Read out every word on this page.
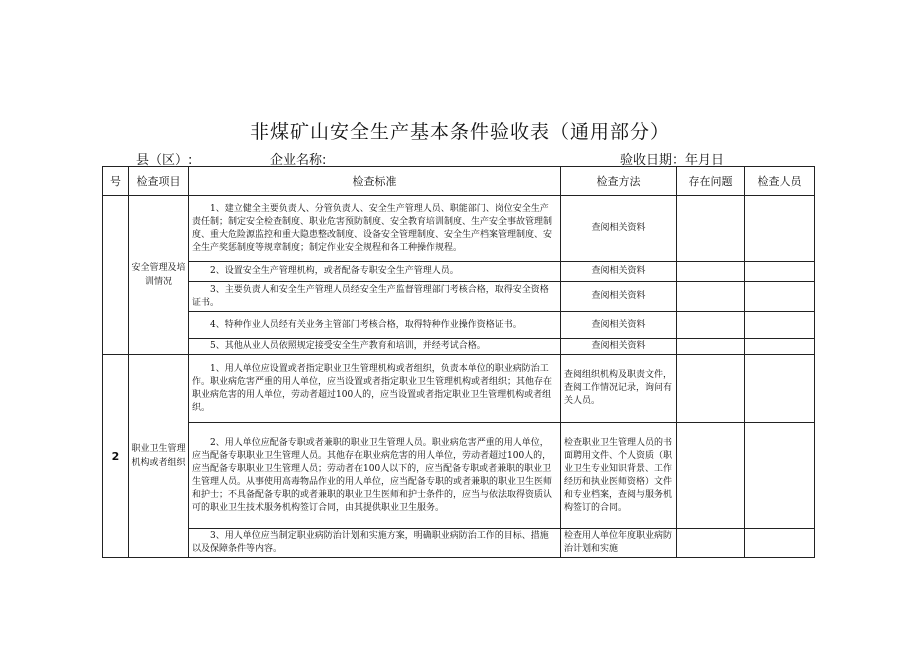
非煤矿山安全生产基本条件验收表（通用部分）
县（区）:	企业名称:	验收日期：年月日
号	检查项目	检查标准	检查方法	存在问题	检查人员
	安全管理及培训情况	1、建立健全主要负责人、分管负责人、安全生产管理人员、职能部门、岗位安全生产责任制；制定安全检查制度、职业危害预防制度、安全教育培训制度、生产安全事故管理制度、重大危险源监控和重大隐患整改制度、设备安全管理制度、安全生产档案管理制度、安全生产奖惩制度等规章制度；制定作业安全规程和各工种操作规程。	查阅相关资料		
		2、设置安全生产管理机构，或者配备专职安全生产管理人员。	查阅相关资料		
		3、主要负责人和安全生产管理人员经安全生产监督管理部门考核合格，取得安全资格证书。	查阅相关资料		
		4、特种作业人员经有关业务主管部门考核合格，取得特种作业操作资格证书。	查阅相关资料		
		5、其他从业人员依照规定接受安全生产教育和培训，并经考试合格。	查阅相关资料		
2	职业卫生管理机构或者组织	1、用人单位应设置或者指定职业卫生管理机构或者组织，负责本单位的职业病防治工作。职业病危害严重的用人单位，应当设置或者指定职业卫生管理机构或者组织；其他存在职业病危害的用人单位，劳动者超过100人的，应当设置或者指定职业卫生管理机构或者组织。	查阅组织机构及职责文件，查阅工作情况记录，询问有关人员。		
		2、用人单位应配备专职或者兼职的职业卫生管理人员。职业病危害严重的用人单位，应当配备专职职业卫生管理人员。其他存在职业病危害的用人单位，劳动者超过100人的，应当配备专职职业卫生管理人员；劳动者在100人以下的，应当配备专职或者兼职的职业卫生管理人员。从事使用高毒物品作业的用人单位，应当配备专职的或者兼职的职业卫生医师和护士；不具备配备专职的或者兼职的职业卫生医师和护士条件的，应当与依法取得资质认可的职业卫生技术服务机构签订合同，由其提供职业卫生服务。	检查职业卫生管理人员的书面聘用文件、个人资质（职业卫生专业知识背景、工作经历和执业医师资格）文件和专业档案，查阅与服务机构签订的合同。		
		3、用人单位应当制定职业病防治计划和实施方案，明确职业病防治工作的目标、措施以及保障条件等内容。	检查用人单位年度职业病防治计划和实施		
